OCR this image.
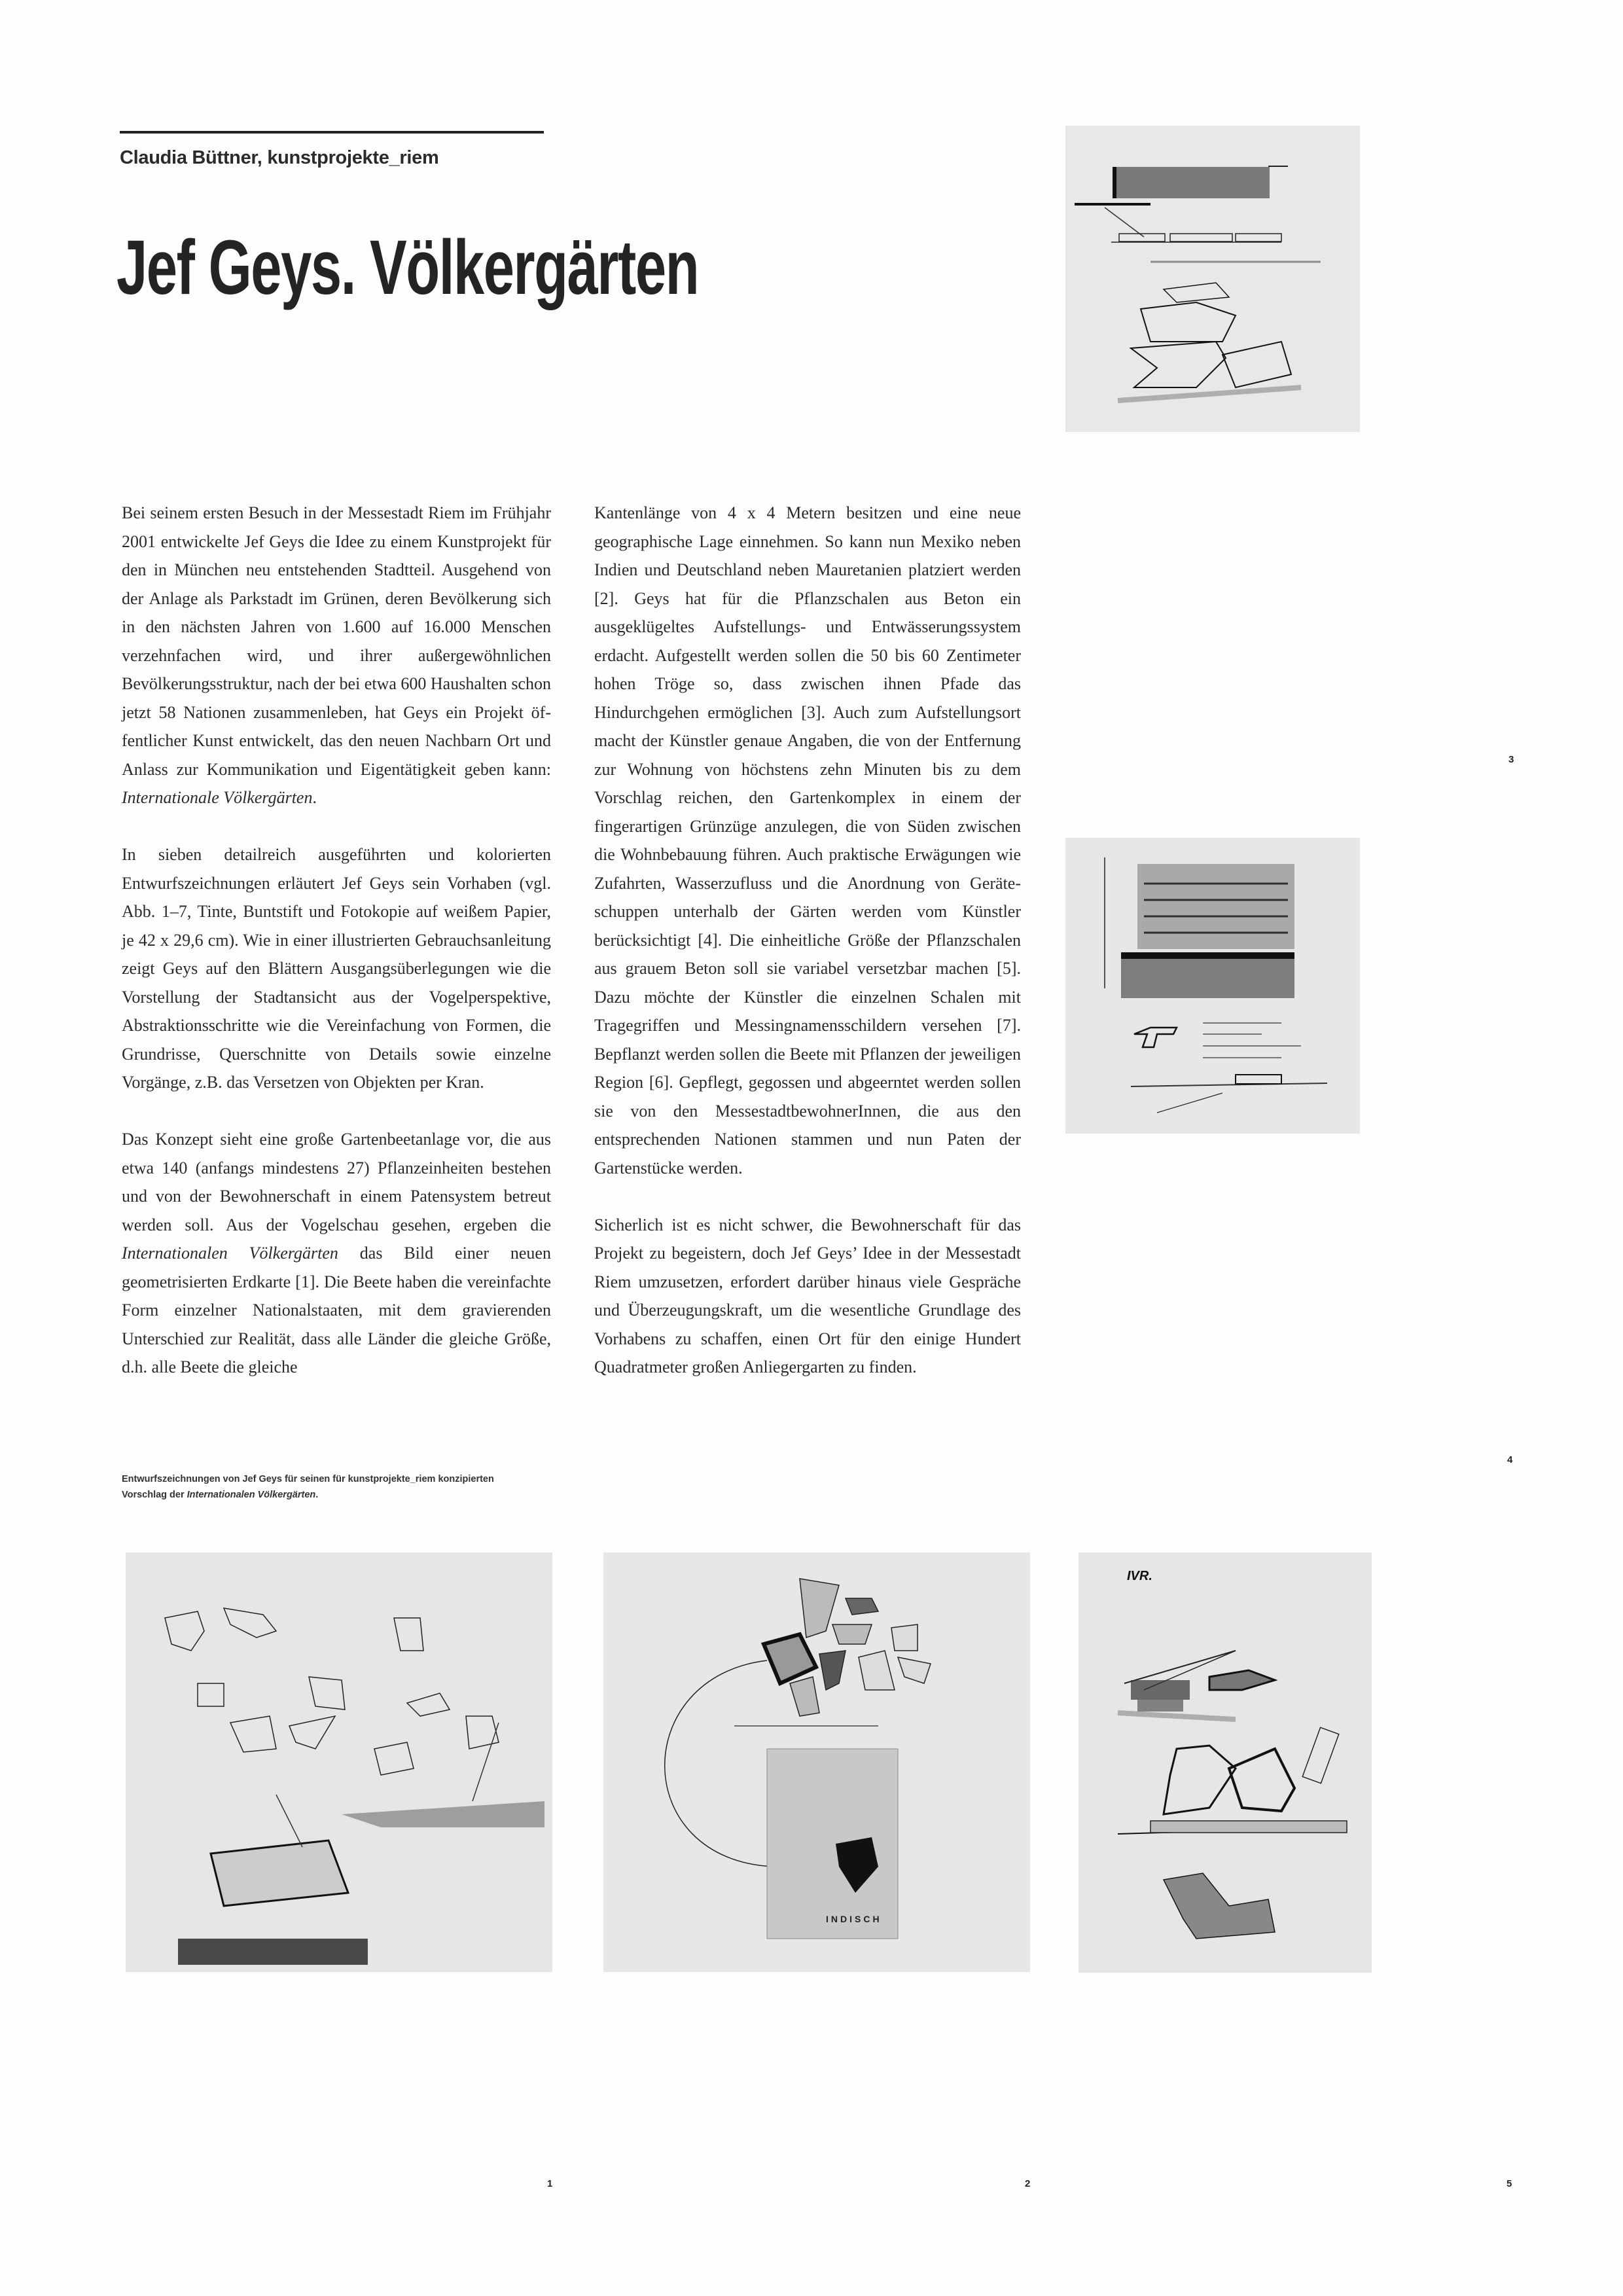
Claudia Büttner, kunstprojekte_riem
Jef Geys. Völkergärten

Bei seinem ersten Besuch in der Messestadt Riem im Frühjahr 2001 entwickelte Jef Geys die Idee zu einem Kunstprojekt für den in München neu entstehenden Stadtteil. Ausgehend von der Anlage als Parkstadt im Grünen, deren Bevölkerung sich in den nächsten Jahren von 1.600 auf 16.000 Menschen verzehnfachen wird, und ihrer außergewöhnlichen Bevölkerungsstruktur, nach der bei etwa 600 Haushalten schon jetzt 58 Nationen zusammenleben, hat Geys ein Projekt öffentlicher Kunst entwickelt, das den neuen Nachbarn Ort und Anlass zur Kommunikation und Eigentätigkeit geben kann: Internationale Völkergärten.

In sieben detailreich ausgeführten und kolorierten Entwurfszeichnungen erläutert Jef Geys sein Vorhaben (vgl. Abb. 1–7, Tinte, Buntstift und Fotokopie auf weißem Papier, je 42 x 29,6 cm). Wie in einer illustrierten Gebrauchsanleitung zeigt Geys auf den Blättern Ausgangsüberlegungen wie die Vorstellung der Stadtansicht aus der Vogelperspektive, Abstraktionsschritte wie die Vereinfachung von Formen, die Grundrisse, Querschnitte von Details sowie einzelne Vorgänge, z.B. das Versetzen von Objekten per Kran.

Das Konzept sieht eine große Gartenbeetanlage vor, die aus etwa 140 (anfangs mindestens 27) Pflanzeinheiten bestehen und von der Bewohnerschaft in einem Patensystem betreut werden soll. Aus der Vogelschau gesehen, ergeben die Internationalen Völkergärten das Bild einer neuen geometrisierten Erdkarte [1]. Die Beete haben die vereinfachte Form einzelner Nationalstaaten, mit dem gravierenden Unterschied zur Realität, dass alle Länder die gleiche Größe, d.h. alle Beete die gleiche

Kantenlänge von 4 x 4 Metern besitzen und eine neue geographische Lage einnehmen. So kann nun Mexiko neben Indien und Deutschland neben Mauretanien platziert werden [2]. Geys hat für die Pflanzschalen aus Beton ein ausgeklügeltes Aufstellungs- und Entwässerungssystem erdacht. Aufgestellt werden sollen die 50 bis 60 Zentimeter hohen Tröge so, dass zwischen ihnen Pfade das Hindurchgehen ermöglichen [3]. Auch zum Aufstellungsort macht der Künstler genaue Angaben, die von der Entfernung zur Wohnung von höchstens zehn Minuten bis zu dem Vorschlag reichen, den Gartenkomplex in einem der fingerartigen Grünzüge anzulegen, die von Süden zwischen die Wohnbebauung führen. Auch praktische Erwägungen wie Zufahrten, Wasserzufluss und die Anordnung von Geräteschuppen unterhalb der Gärten werden vom Künstler berücksichtigt [4]. Die einheitliche Größe der Pflanzschalen aus grauem Beton soll sie variabel versetzbar machen [5]. Dazu möchte der Künstler die einzelnen Schalen mit Tragegriffen und Messingnamensschildern versehen [7]. Bepflanzt werden sollen die Beete mit Pflanzen der jeweiligen Region [6]. Gepflegt, gegossen und abgeerntet werden sollen sie von den MessestadtbewohnerInnen, die aus den entsprechenden Nationen stammen und nun Paten der Gartenstücke werden.

Sicherlich ist es nicht schwer, die Bewohnerschaft für das Projekt zu begeistern, doch Jef Geys’ Idee in der Messestadt Riem umzusetzen, erfordert darüber hinaus viele Gespräche und Überzeugungskraft, um die wesentliche Grundlage des Vorhabens zu schaffen, einen Ort für den einige Hundert Quadratmeter großen Anliegergarten zu finden.

Entwurfszeichnungen von Jef Geys für seinen für kunstprojekte_riem konzipierten
Vorschlag der Internationalen Völkergärten.
3
4
1
INDISCH
2
IVR.
5
